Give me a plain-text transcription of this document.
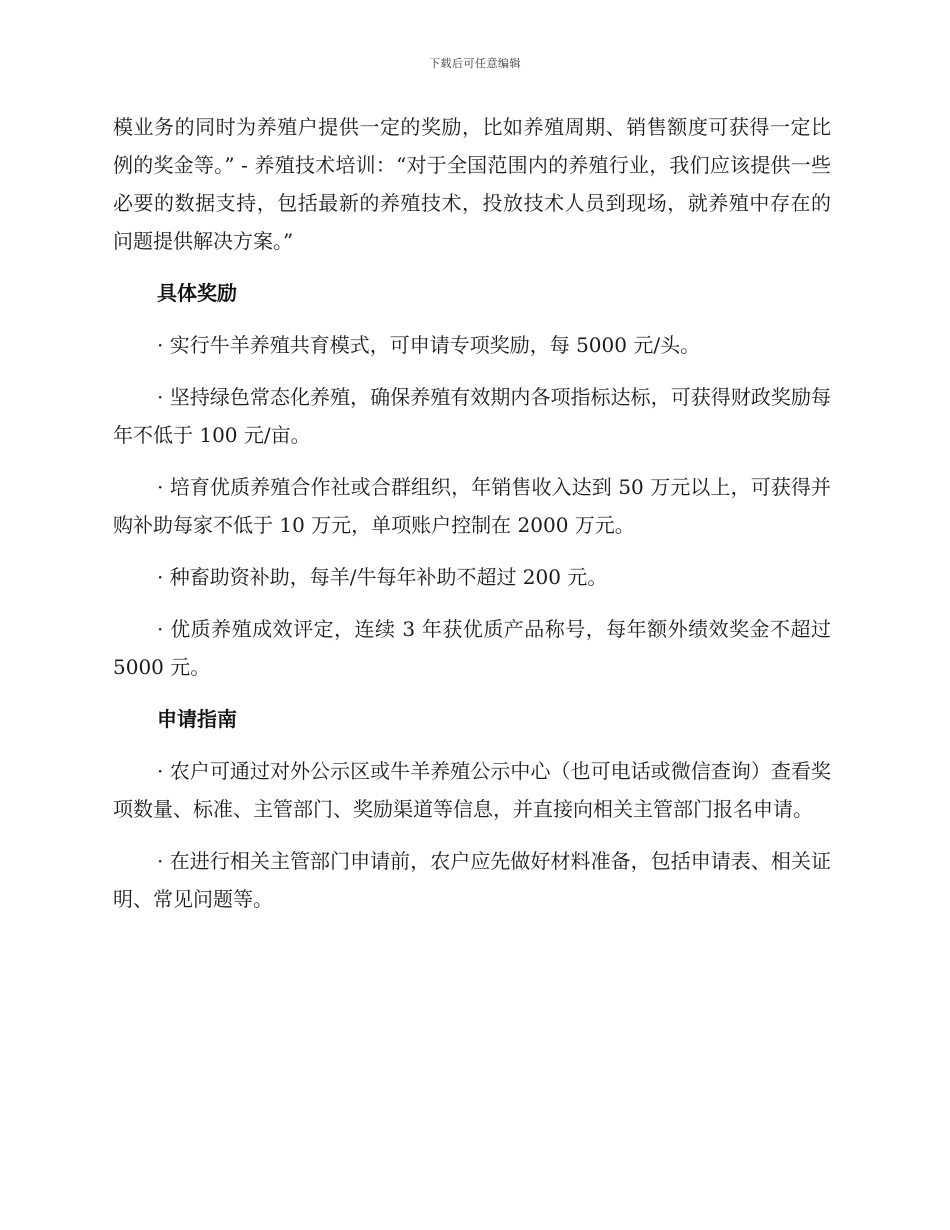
下载后可任意编辑

模业务的同时为养殖户提供一定的奖励，比如养殖周期、销售额度可获得一定比例的奖金等。” - 养殖技术培训：“对于全国范围内的养殖行业，我们应该提供一些必要的数据支持，包括最新的养殖技术，投放技术人员到现场，就养殖中存在的问题提供解决方案。”

具体奖励

· 实行牛羊养殖共育模式，可申请专项奖励，每 5000 元/头。

· 坚持绿色常态化养殖，确保养殖有效期内各项指标达标，可获得财政奖励每年不低于 100 元/亩。

· 培育优质养殖合作社或合群组织，年销售收入达到 50 万元以上，可获得并购补助每家不低于 10 万元，单项账户控制在 2000 万元。

· 种畜助资补助，每羊/牛每年补助不超过 200 元。

· 优质养殖成效评定，连续 3 年获优质产品称号，每年额外绩效奖金不超过 5000 元。

申请指南

· 农户可通过对外公示区或牛羊养殖公示中心（也可电话或微信查询）查看奖项数量、标准、主管部门、奖励渠道等信息，并直接向相关主管部门报名申请。

· 在进行相关主管部门申请前，农户应先做好材料准备，包括申请表、相关证明、常见问题等。
